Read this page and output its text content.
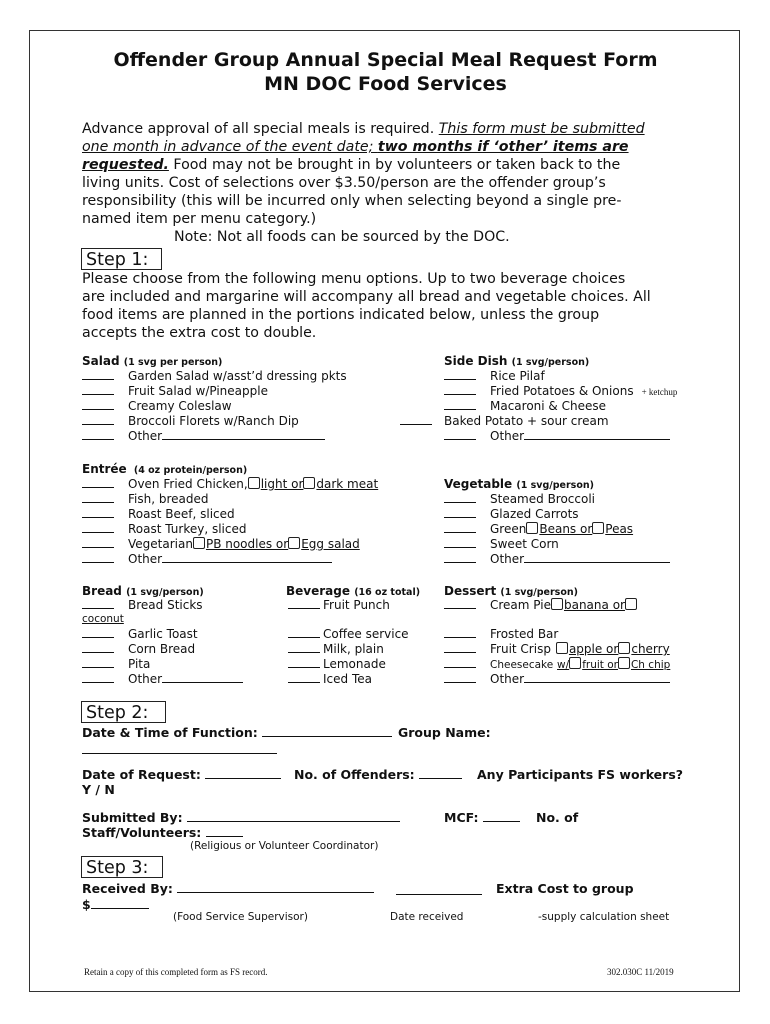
Offender Group Annual Special Meal Request Form
MN DOC Food Services
Advance approval of all special meals is required. This form must be submitted
one month in advance of the event date; two months if ‘other’ items are
requested. Food may not be brought in by volunteers or taken back to the
living units. Cost of selections over $3.50/person are the offender group’s
responsibility (this will be incurred only when selecting beyond a single pre-
named item per menu category.)
Note: Not all foods can be sourced by the DOC.
Step 1:
Please choose from the following menu options. Up to two beverage choices
are included and margarine will accompany all bread and vegetable choices. All
food items are planned in the portions indicated below, unless the group
accepts the extra cost to double.
Salad (1 svg per person)
Garden Salad w/asst’d dressing pkts
Fruit Salad w/Pineapple
Creamy Coleslaw
Broccoli Florets w/Ranch Dip
Other
Side Dish (1 svg/person)
Rice Pilaf
Fried Potatoes & Onions + ketchup
Macaroni & Cheese
Baked Potato + sour cream
Other
Entrée (4 oz protein/person)
Oven Fried Chicken, light or dark meat
Fish, breaded
Roast Beef, sliced
Roast Turkey, sliced
Vegetarian PB noodles or Egg salad
Other
Vegetable (1 svg/person)
Steamed Broccoli
Glazed Carrots
Green Beans or Peas
Sweet Corn
Other
Bread (1 svg/person)
Bread Sticks
coconut
Garlic Toast
Corn Bread
Pita
Other
Beverage (16 oz total)
Fruit Punch
Coffee service
Milk, plain
Lemonade
Iced Tea
Dessert (1 svg/person)
Cream Pie banana or
Frosted Bar
Fruit Crisp apple or cherry
Cheesecake w/ fruit or Ch chip
Other
Step 2:
Date & Time of Function:	Group Name:
Date of Request:	No. of Offenders:	Any Participants FS workers?
Y / N
Submitted By:	MCF:	No. of
Staff/Volunteers:
(Religious or Volunteer Coordinator)
Step 3:
Received By:	Extra Cost to group
$
(Food Service Supervisor)	Date received	-supply calculation sheet
Retain a copy of this completed form as FS record.	302.030C 11/2019
